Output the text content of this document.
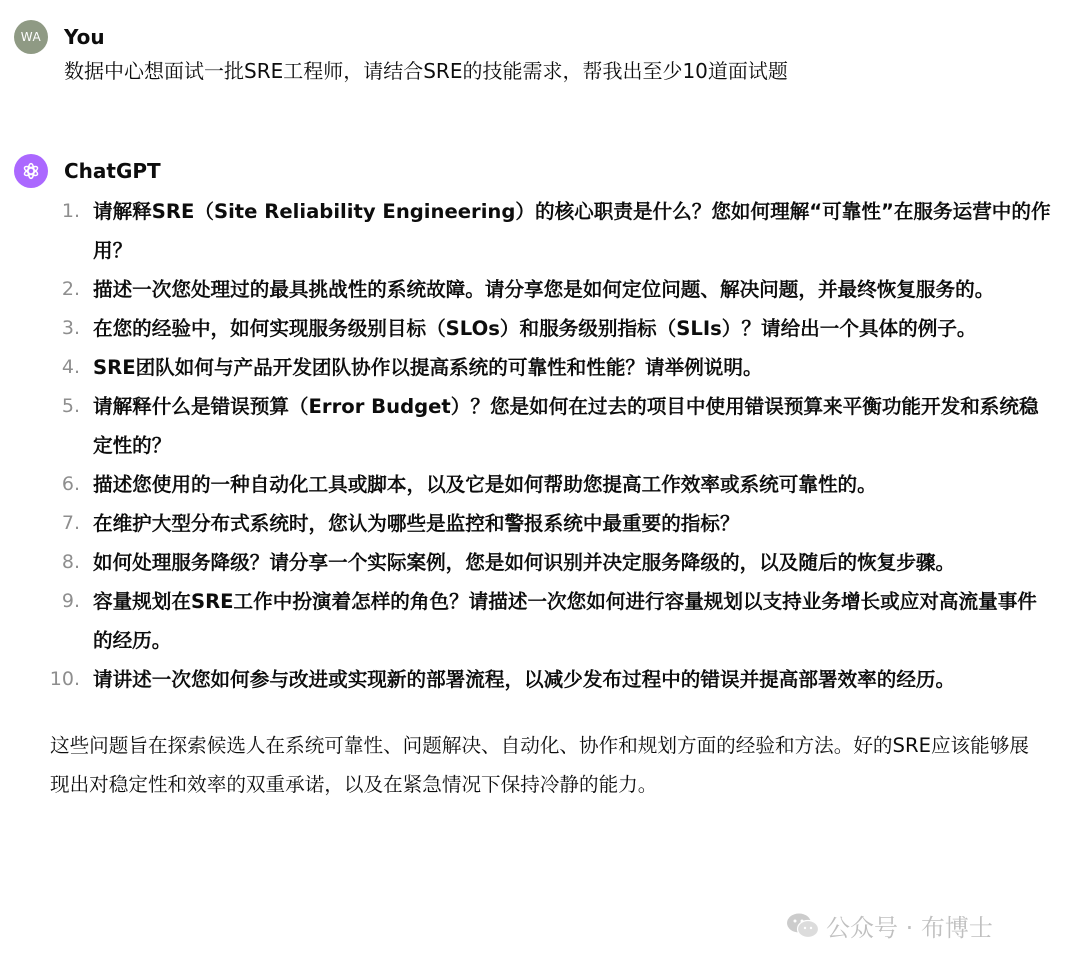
WA You
数据中心想面试一批SRE工程师，请结合SRE的技能需求，帮我出至少10道面试题
ChatGPT
1. 请解释SRE（Site Reliability Engineering）的核心职责是什么？您如何理解“可靠性”在服务运营中的作用？
2. 描述一次您处理过的最具挑战性的系统故障。请分享您是如何定位问题、解决问题，并最终恢复服务的。
3. 在您的经验中，如何实现服务级别目标（SLOs）和服务级别指标（SLIs）？请给出一个具体的例子。
4. SRE团队如何与产品开发团队协作以提高系统的可靠性和性能？请举例说明。
5. 请解释什么是错误预算（Error Budget）？您是如何在过去的项目中使用错误预算来平衡功能开发和系统稳定性的？
6. 描述您使用的一种自动化工具或脚本，以及它是如何帮助您提高工作效率或系统可靠性的。
7. 在维护大型分布式系统时，您认为哪些是监控和警报系统中最重要的指标？
8. 如何处理服务降级？请分享一个实际案例，您是如何识别并决定服务降级的，以及随后的恢复步骤。
9. 容量规划在SRE工作中扮演着怎样的角色？请描述一次您如何进行容量规划以支持业务增长或应对高流量事件的经历。
10. 请讲述一次您如何参与改进或实现新的部署流程，以减少发布过程中的错误并提高部署效率的经历。
这些问题旨在探索候选人在系统可靠性、问题解决、自动化、协作和规划方面的经验和方法。好的SRE应该能够展现出对稳定性和效率的双重承诺，以及在紧急情况下保持冷静的能力。
公众号 · 布博士
